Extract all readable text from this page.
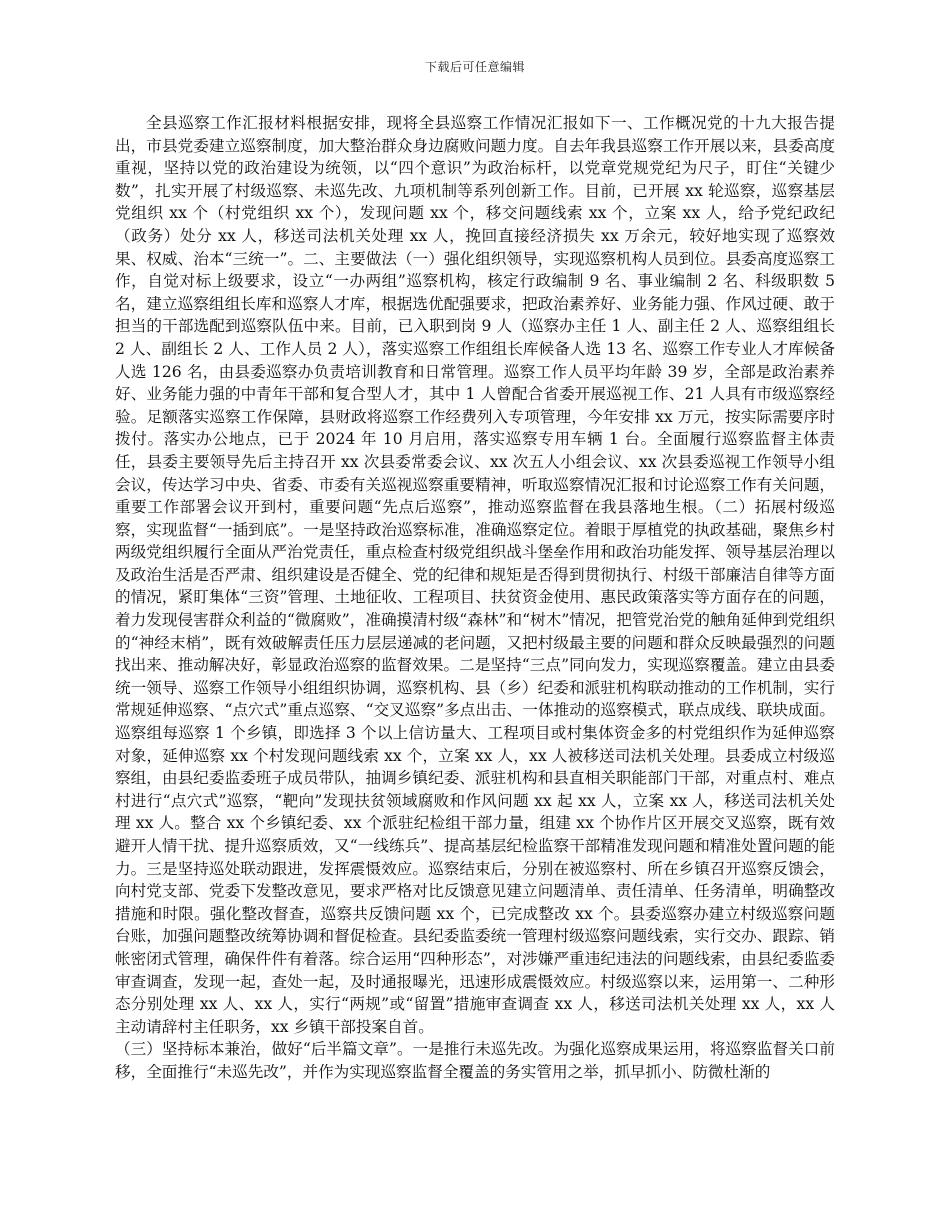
下载后可任意编辑

全县巡察工作汇报材料根据安排，现将全县巡察工作情况汇报如下一、工作概况党的十九大报告提出，市县党委建立巡察制度，加大整治群众身边腐败问题力度。自去年我县巡察工作开展以来，县委高度重视，坚持以党的政治建设为统领，以“四个意识”为政治标杆，以党章党规党纪为尺子，盯住“关键少数”，扎实开展了村级巡察、未巡先改、九项机制等系列创新工作。目前，已开展 xx 轮巡察，巡察基层党组织 xx 个（村党组织 xx 个），发现问题 xx 个，移交问题线索 xx 个，立案 xx 人，给予党纪政纪（政务）处分 xx 人，移送司法机关处理 xx 人，挽回直接经济损失 xx 万余元，较好地实现了巡察效果、权威、治本“三统一”。二、主要做法（一）强化组织领导，实现巡察机构人员到位。县委高度巡察工作，自觉对标上级要求，设立“一办两组”巡察机构，核定行政编制 9 名、事业编制 2 名、科级职数 5 名，建立巡察组组长库和巡察人才库，根据选优配强要求，把政治素养好、业务能力强、作风过硬、敢于担当的干部选配到巡察队伍中来。目前，已入职到岗 9 人（巡察办主任 1 人、副主任 2 人、巡察组组长 2 人、副组长 2 人、工作人员 2 人），落实巡察工作组组长库候备人选 13 名、巡察工作专业人才库候备人选 126 名，由县委巡察办负责培训教育和日常管理。巡察工作人员平均年龄 39 岁，全部是政治素养好、业务能力强的中青年干部和复合型人才，其中 1 人曾配合省委开展巡视工作、21 人具有市级巡察经验。足额落实巡察工作保障，县财政将巡察工作经费列入专项管理，今年安排 xx 万元，按实际需要序时拨付。落实办公地点，已于 2024 年 10 月启用，落实巡察专用车辆 1 台。全面履行巡察监督主体责任，县委主要领导先后主持召开 xx 次县委常委会议、xx 次五人小组会议、xx 次县委巡视工作领导小组会议，传达学习中央、省委、市委有关巡视巡察重要精神，听取巡察情况汇报和讨论巡察工作有关问题，重要工作部署会议开到村，重要问题“先点后巡察”，推动巡察监督在我县落地生根。（二）拓展村级巡察，实现监督“一插到底”。一是坚持政治巡察标准，准确巡察定位。着眼于厚植党的执政基础，聚焦乡村两级党组织履行全面从严治党责任，重点检查村级党组织战斗堡垒作用和政治功能发挥、领导基层治理以及政治生活是否严肃、组织建设是否健全、党的纪律和规矩是否得到贯彻执行、村级干部廉洁自律等方面的情况，紧盯集体“三资”管理、土地征收、工程项目、扶贫资金使用、惠民政策落实等方面存在的问题，着力发现侵害群众利益的“微腐败”，准确摸清村级“森林”和“树木”情况，把管党治党的触角延伸到党组织的“神经末梢”，既有效破解责任压力层层递减的老问题，又把村级最主要的问题和群众反映最强烈的问题找出来、推动解决好，彰显政治巡察的监督效果。二是坚持“三点”同向发力，实现巡察覆盖。建立由县委统一领导、巡察工作领导小组组织协调，巡察机构、县（乡）纪委和派驻机构联动推动的工作机制，实行常规延伸巡察、“点穴式”重点巡察、“交叉巡察”多点出击、一体推动的巡察模式，联点成线、联块成面。巡察组每巡察 1 个乡镇，即选择 3 个以上信访量大、工程项目或村集体资金多的村党组织作为延伸巡察对象，延伸巡察 xx 个村发现问题线索 xx 个，立案 xx 人，xx 人被移送司法机关处理。县委成立村级巡察组，由县纪委监委班子成员带队，抽调乡镇纪委、派驻机构和县直相关职能部门干部，对重点村、难点村进行“点穴式”巡察，“靶向”发现扶贫领域腐败和作风问题 xx 起 xx 人，立案 xx 人，移送司法机关处理 xx 人。整合 xx 个乡镇纪委、xx 个派驻纪检组干部力量，组建 xx 个协作片区开展交叉巡察，既有效避开人情干扰、提升巡察质效，又“一线练兵”、提高基层纪检监察干部精准发现问题和精准处置问题的能力。三是坚持巡处联动跟进，发挥震慑效应。巡察结束后，分别在被巡察村、所在乡镇召开巡察反馈会，向村党支部、党委下发整改意见，要求严格对比反馈意见建立问题清单、责任清单、任务清单，明确整改措施和时限。强化整改督查，巡察共反馈问题 xx 个，已完成整改 xx 个。县委巡察办建立村级巡察问题台账，加强问题整改统筹协调和督促检查。县纪委监委统一管理村级巡察问题线索，实行交办、跟踪、销帐密闭式管理，确保件件有着落。综合运用“四种形态”，对涉嫌严重违纪违法的问题线索，由县纪委监委审查调查，发现一起，查处一起，及时通报曝光，迅速形成震慑效应。村级巡察以来，运用第一、二种形态分别处理 xx 人、xx 人，实行“两规”或“留置”措施审查调查 xx 人，移送司法机关处理 xx 人，xx 人主动请辞村主任职务，xx 乡镇干部投案自首。

（三）坚持标本兼治，做好“后半篇文章”。一是推行未巡先改。为强化巡察成果运用，将巡察监督关口前移，全面推行“未巡先改”，并作为实现巡察监督全覆盖的务实管用之举，抓早抓小、防微杜渐的
